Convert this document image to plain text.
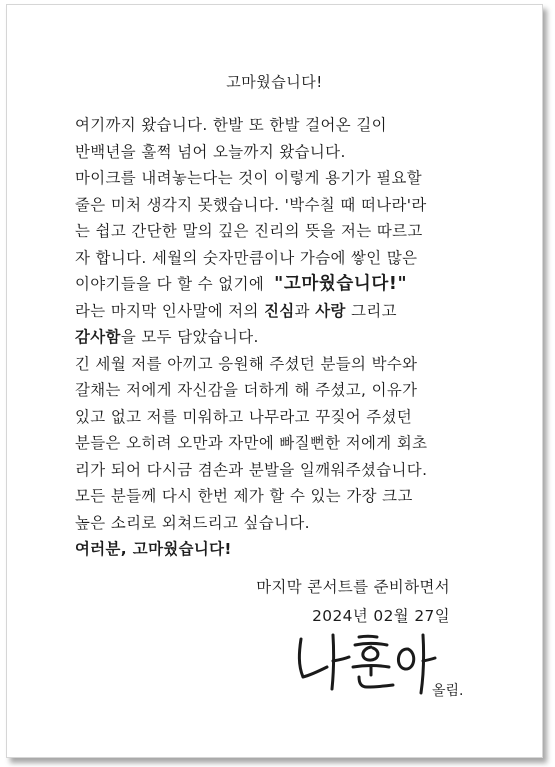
고마웠습니다!
여기까지 왔습니다. 한발 또 한발 걸어온 길이
반백년을 훌쩍 넘어 오늘까지 왔습니다.
마이크를 내려놓는다는 것이 이렇게 용기가 필요할
줄은 미처 생각지 못했습니다. '박수칠 때 떠나라'라
는 쉽고 간단한 말의 깊은 진리의 뜻을 저는 따르고
자 합니다. 세월의 숫자만큼이나 가슴에 쌓인 많은
이야기들을 다 할 수 없기에 "고마웠습니다!"
라는 마지막 인사말에 저의 진심과 사랑 그리고
감사함을 모두 담았습니다.
긴 세월 저를 아끼고 응원해 주셨던 분들의 박수와
갈채는 저에게 자신감을 더하게 해 주셨고, 이유가
있고 없고 저를 미워하고 나무라고 꾸짖어 주셨던
분들은 오히려 오만과 자만에 빠질뻔한 저에게 회초
리가 되어 다시금 겸손과 분발을 일깨워주셨습니다.
모든 분들께 다시 한번 제가 할 수 있는 가장 크고
높은 소리로 외쳐드리고 싶습니다.
여러분, 고마웠습니다!
마지막 콘서트를 준비하면서
2024년 02월 27일
올림.
